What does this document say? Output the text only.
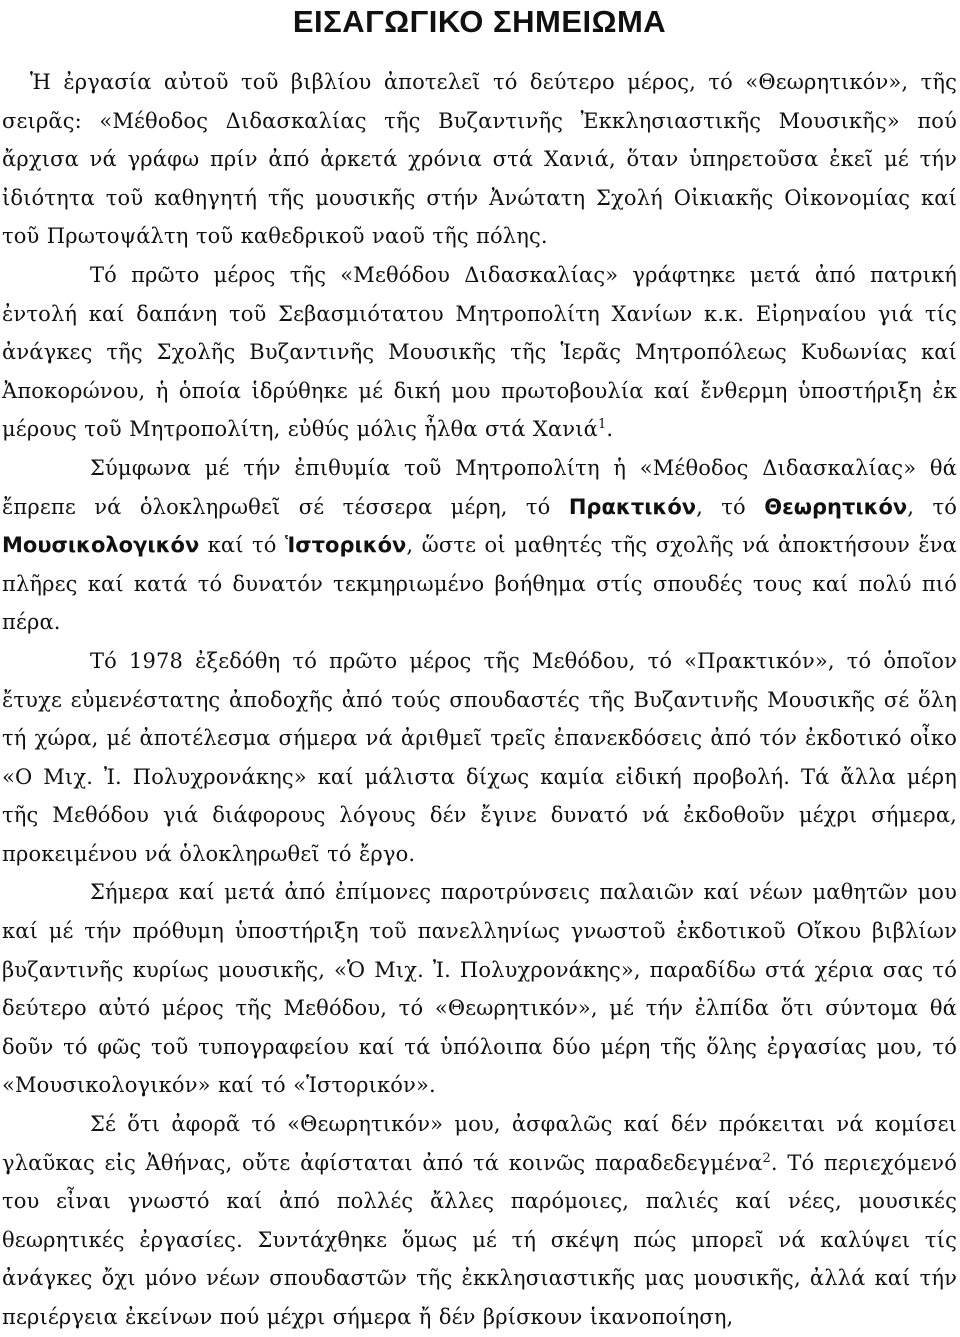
ΕΙΣΑΓΩΓΙΚΟ ΣΗΜΕΙΩΜΑ

Ἡ ἐργασία αὐτοῦ τοῦ βιβλίου ἀποτελεῖ τό δεύτερο μέρος, τό «Θεωρητικόν», τῆς σειρᾶς: «Μέθοδος Διδασκαλίας τῆς Βυζαντινῆς Ἐκκλησιαστικῆς Μουσικῆς» πού ἄρχισα νά γράφω πρίν ἀπό ἀρκετά χρόνια στά Χανιά, ὅταν ὑπηρετοῦσα ἐκεῖ μέ τήν ἰδιότητα τοῦ καθηγητή τῆς μουσικῆς στήν Ἀνώτατη Σχολή Οἰκιακῆς Οἰκονομίας καί τοῦ Πρωτοψάλτη τοῦ καθεδρικοῦ ναοῦ τῆς πόλης.

Τό πρῶτο μέρος τῆς «Μεθόδου Διδασκαλίας» γράφτηκε μετά ἀπό πατρική ἐντολή καί δαπάνη τοῦ Σεβασμιότατου Μητροπολίτη Χανίων κ.κ. Εἰρηναίου γιά τίς ἀνάγκες τῆς Σχολῆς Βυζαντινῆς Μουσικῆς τῆς Ἱερᾶς Μητροπόλεως Κυδωνίας καί Ἀποκορώνου, ἡ ὁποία ἱδρύθηκε μέ δική μου πρωτοβουλία καί ἔνθερμη ὑποστήριξη ἐκ μέρους τοῦ Μητροπολίτη, εὐθύς μόλις ἦλθα στά Χανιά$^1$.

Σύμφωνα μέ τήν ἐπιθυμία τοῦ Μητροπολίτη ἡ «Μέθοδος Διδασκαλίας» θά ἔπρεπε νά ὁλοκληρωθεῖ σέ τέσσερα μέρη, τό Πρακτικόν, τό Θεωρητικόν, τό Μουσικολογικόν καί τό Ἱστορικόν, ὥστε οἱ μαθητές τῆς σχολῆς νά ἀποκτήσουν ἕνα πλῆρες καί κατά τό δυνατόν τεκμηριωμένο βοήθημα στίς σπουδές τους καί πολύ πιό πέρα.

Τό 1978 ἐξεδόθη τό πρῶτο μέρος τῆς Μεθόδου, τό «Πρακτικόν», τό ὁποῖον ἔτυχε εὐμενέστατης ἀποδοχῆς ἀπό τούς σπουδαστές τῆς Βυζαντινῆς Μουσικῆς σέ ὅλη τή χώρα, μέ ἀποτέλεσμα σήμερα νά ἀριθμεῖ τρεῖς ἐπανεκδόσεις ἀπό τόν ἐκδοτικό οἶκο «Ο Μιχ. Ἰ. Πολυχρονάκης» καί μάλιστα δίχως καμία εἰδική προβολή. Τά ἄλλα μέρη τῆς Μεθόδου γιά διάφορους λόγους δέν ἔγινε δυνατό νά ἐκδοθοῦν μέχρι σήμερα, προκειμένου νά ὁλοκληρωθεῖ τό ἔργο.

Σήμερα καί μετά ἀπό ἐπίμονες παροτρύνσεις παλαιῶν καί νέων μαθητῶν μου καί μέ τήν πρόθυμη ὑποστήριξη τοῦ πανελληνίως γνωστοῦ ἐκδοτικοῦ Οἴκου βιβλίων βυζαντινῆς κυρίως μουσικῆς, «Ὁ Μιχ. Ἰ. Πολυχρονάκης», παραδίδω στά χέρια σας τό δεύτερο αὐτό μέρος τῆς Μεθόδου, τό «Θεωρητικόν», μέ τήν ἐλπίδα ὅτι σύντομα θά δοῦν τό φῶς τοῦ τυπογραφείου καί τά ὑπόλοιπα δύο μέρη τῆς ὅλης ἐργασίας μου, τό «Μουσικολογικόν» καί τό «Ἱστορικόν».

Σέ ὅτι ἀφορᾶ τό «Θεωρητικόν» μου, ἀσφαλῶς καί δέν πρόκειται νά κομίσει γλαῦκας εἰς Ἀθήνας, οὔτε ἀφίσταται ἀπό τά κοινῶς παραδεδεγμένα$^2$. Τό περιεχόμενό του εἶναι γνωστό καί ἀπό πολλές ἄλλες παρόμοιες, παλιές καί νέες, μουσικές θεωρητικές ἐργασίες. Συντάχθηκε ὅμως μέ τή σκέψη πώς μπορεῖ νά καλύψει τίς ἀνάγκες ὄχι μόνο νέων σπουδαστῶν τῆς ἐκκλησιαστικῆς μας μουσικῆς, ἀλλά καί τήν περιέργεια ἐκείνων πού μέχρι σήμερα ἤ δέν βρίσκουν ἱκανοποίηση,
